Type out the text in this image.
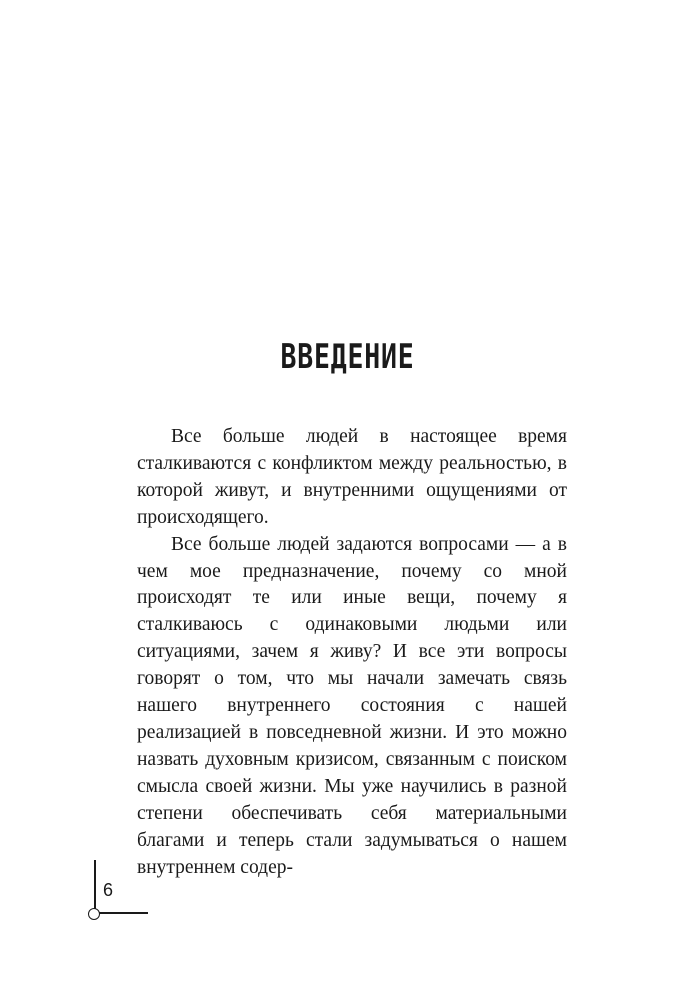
ВВЕДЕНИЕ

Все больше людей в настоящее время сталкиваются с конфликтом между реальностью, в которой живут, и внутренними ощущениями от происходящего.

Все больше людей задаются вопросами — а в чем мое предназначение, почему со мной происходят те или иные вещи, почему я сталкиваюсь с одинаковыми людьми или ситуациями, зачем я живу? И все эти вопросы говорят о том, что мы начали замечать связь нашего внутреннего состояния с нашей реализацией в повседневной жизни. И это можно назвать духовным кризисом, связанным с поиском смысла своей жизни. Мы уже научились в разной степени обеспечивать себя материальными благами и теперь стали задумываться о нашем внутреннем содер-

6
